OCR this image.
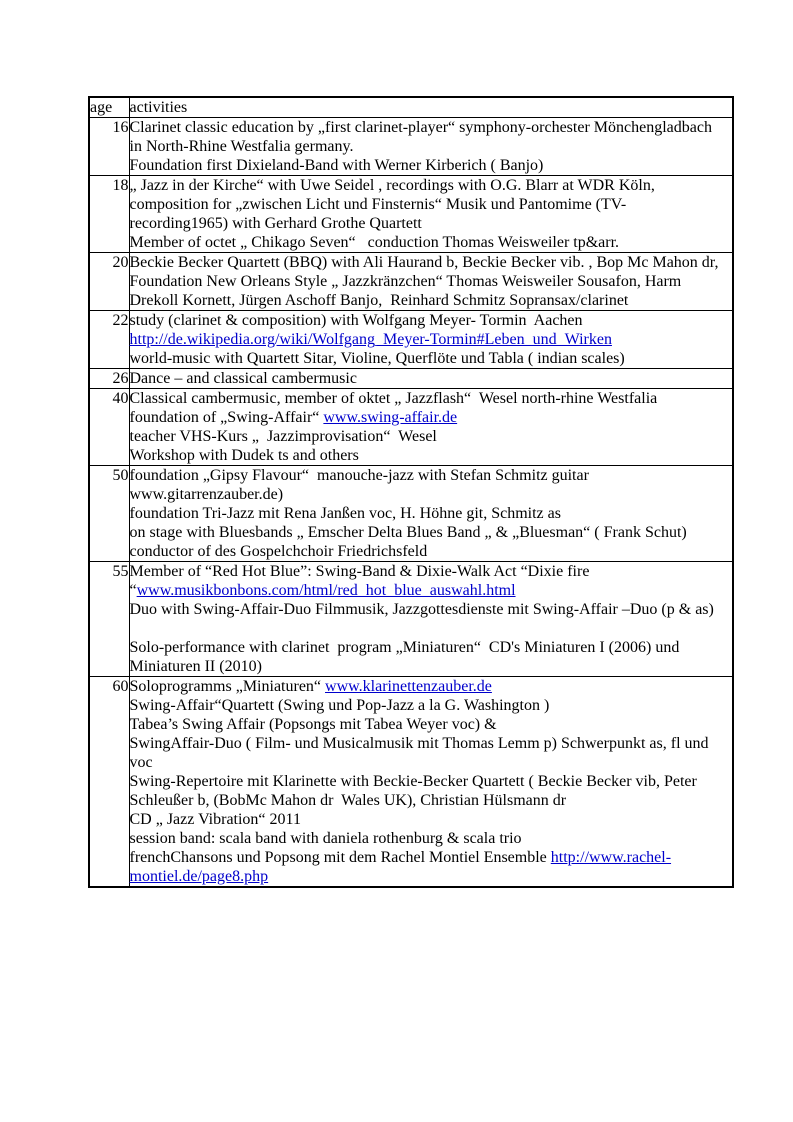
age	activities
16	Clarinet classic education by „first clarinet-player“ symphony-orchester Mönchengladbach
in North-Rhine Westfalia germany.
Foundation first Dixieland-Band with Werner Kirberich ( Banjo)

18	„ Jazz in der Kirche“ with Uwe Seidel , recordings with O.G. Blarr at WDR Köln,
composition for „zwischen Licht und Finsternis“ Musik und Pantomime (TV-
recording1965) with Gerhard Grothe Quartett
Member of octet „ Chikago Seven“   conduction Thomas Weisweiler tp&arr.

20	Beckie Becker Quartett (BBQ) with Ali Haurand b, Beckie Becker vib. , Bop Mc Mahon dr,
Foundation New Orleans Style „ Jazzkränzchen“ Thomas Weisweiler Sousafon, Harm
Drekoll Kornett, Jürgen Aschoff Banjo,  Reinhard Schmitz Sopransax/clarinet

22	study (clarinet & composition) with Wolfgang Meyer- Tormin  Aachen
http://de.wikipedia.org/wiki/Wolfgang_Meyer-Tormin#Leben_und_Wirken
world-music with Quartett Sitar, Violine, Querflöte und Tabla ( indian scales)

26	Dance – and classical cambermusic

40	Classical cambermusic, member of oktet „ Jazzflash“  Wesel north-rhine Westfalia
foundation of „Swing-Affair“ www.swing-affair.de
teacher VHS-Kurs „  Jazzimprovisation“  Wesel
Workshop with Dudek ts and others

50	foundation „Gipsy Flavour“  manouche-jazz with Stefan Schmitz guitar
www.gitarrenzauber.de)
foundation Tri-Jazz mit Rena Janßen voc, H. Höhne git, Schmitz as
on stage with Bluesbands „ Emscher Delta Blues Band „ & „Bluesman“ ( Frank Schut)
conductor of des Gospelchchoir Friedrichsfeld

55	Member of “Red Hot Blue”: Swing-Band & Dixie-Walk Act “Dixie fire
“www.musikbonbons.com/html/red_hot_blue_auswahl.html
Duo with Swing-Affair-Duo Filmmusik, Jazzgottesdienste mit Swing-Affair –Duo (p & as)
Solo-performance with clarinet  program „Miniaturen“  CD's Miniaturen I (2006) und
Miniaturen II (2010)

60	Soloprogramms „Miniaturen“ www.klarinettenzauber.de
Swing-Affair“Quartett (Swing und Pop-Jazz a la G. Washington )
Tabea’s Swing Affair (Popsongs mit Tabea Weyer voc) &
SwingAffair-Duo ( Film- und Musicalmusik mit Thomas Lemm p) Schwerpunkt as, fl und
voc
Swing-Repertoire mit Klarinette with Beckie-Becker Quartett ( Beckie Becker vib, Peter
Schleußer b, (BobMc Mahon dr  Wales UK), Christian Hülsmann dr
CD „ Jazz Vibration“ 2011
session band: scala band with daniela rothenburg & scala trio
frenchChansons und Popsong mit dem Rachel Montiel Ensemble http://www.rachel-
montiel.de/page8.php
